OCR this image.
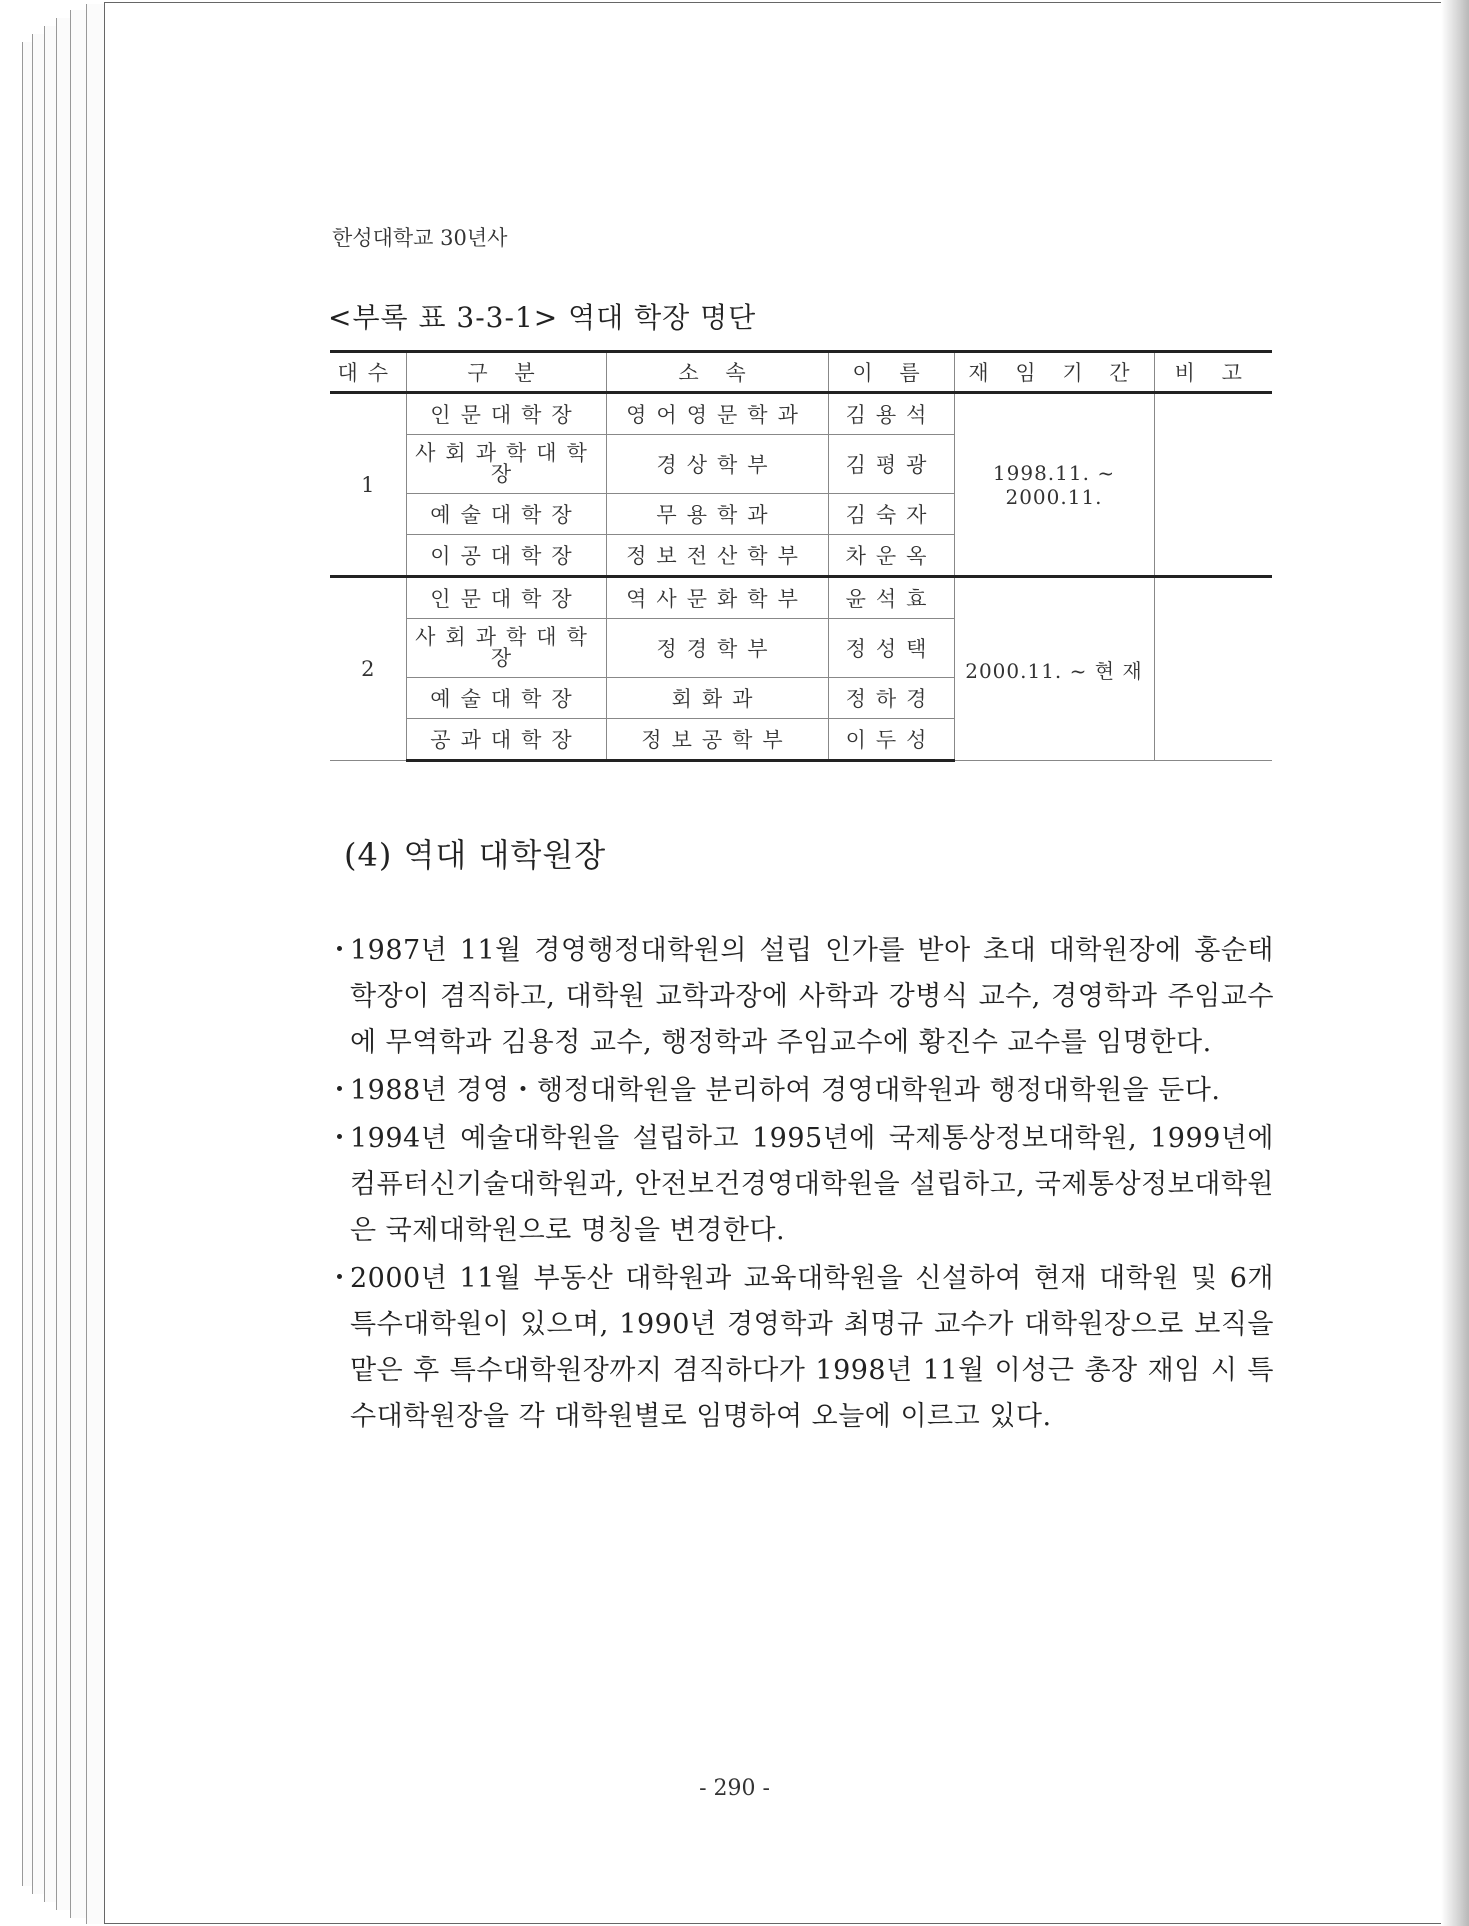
한성대학교 30년사
<부록 표 3-3-1> 역대 학장 명단
대수	구 분	소 속	이 름	재 임 기 간	비 고
1	인문대학장	영어영문학과	김용석	1998.11. ~ 2000.11.	
	사회과학대학장	경상학부	김평광		
	예술대학장	무용학과	김숙자		
	이공대학장	정보전산학부	차운옥		
2	인문대학장	역사문화학부	윤석효	2000.11. ~ 현 재	
	사회과학대학장	정경학부	정성택		
	예술대학장	회화과	정하경		
	공과대학장	정보공학부	이두성		
(4) 역대 대학원장
・
1987년 11월 경영행정대학원의 설립 인가를 받아 초대 대학원장에 홍순태 학장이 겸직하고, 대학원 교학과장에 사학과 강병식 교수, 경영학과 주임교수에 무역학과 김용정 교수, 행정학과 주임교수에 황진수 교수를 임명한다.
・
1988년 경영・행정대학원을 분리하여 경영대학원과 행정대학원을 둔다.
・
1994년 예술대학원을 설립하고 1995년에 국제통상정보대학원, 1999년에 컴퓨터신기술대학원과, 안전보건경영대학원을 설립하고, 국제통상정보대학원은 국제대학원으로 명칭을 변경한다.
・
2000년 11월 부동산 대학원과 교육대학원을 신설하여 현재 대학원 및 6개 특수대학원이 있으며, 1990년 경영학과 최명규 교수가 대학원장으로 보직을 맡은 후 특수대학원장까지 겸직하다가 1998년 11월 이성근 총장 재임 시 특수대학원장을 각 대학원별로 임명하여 오늘에 이르고 있다.
- 290 -
